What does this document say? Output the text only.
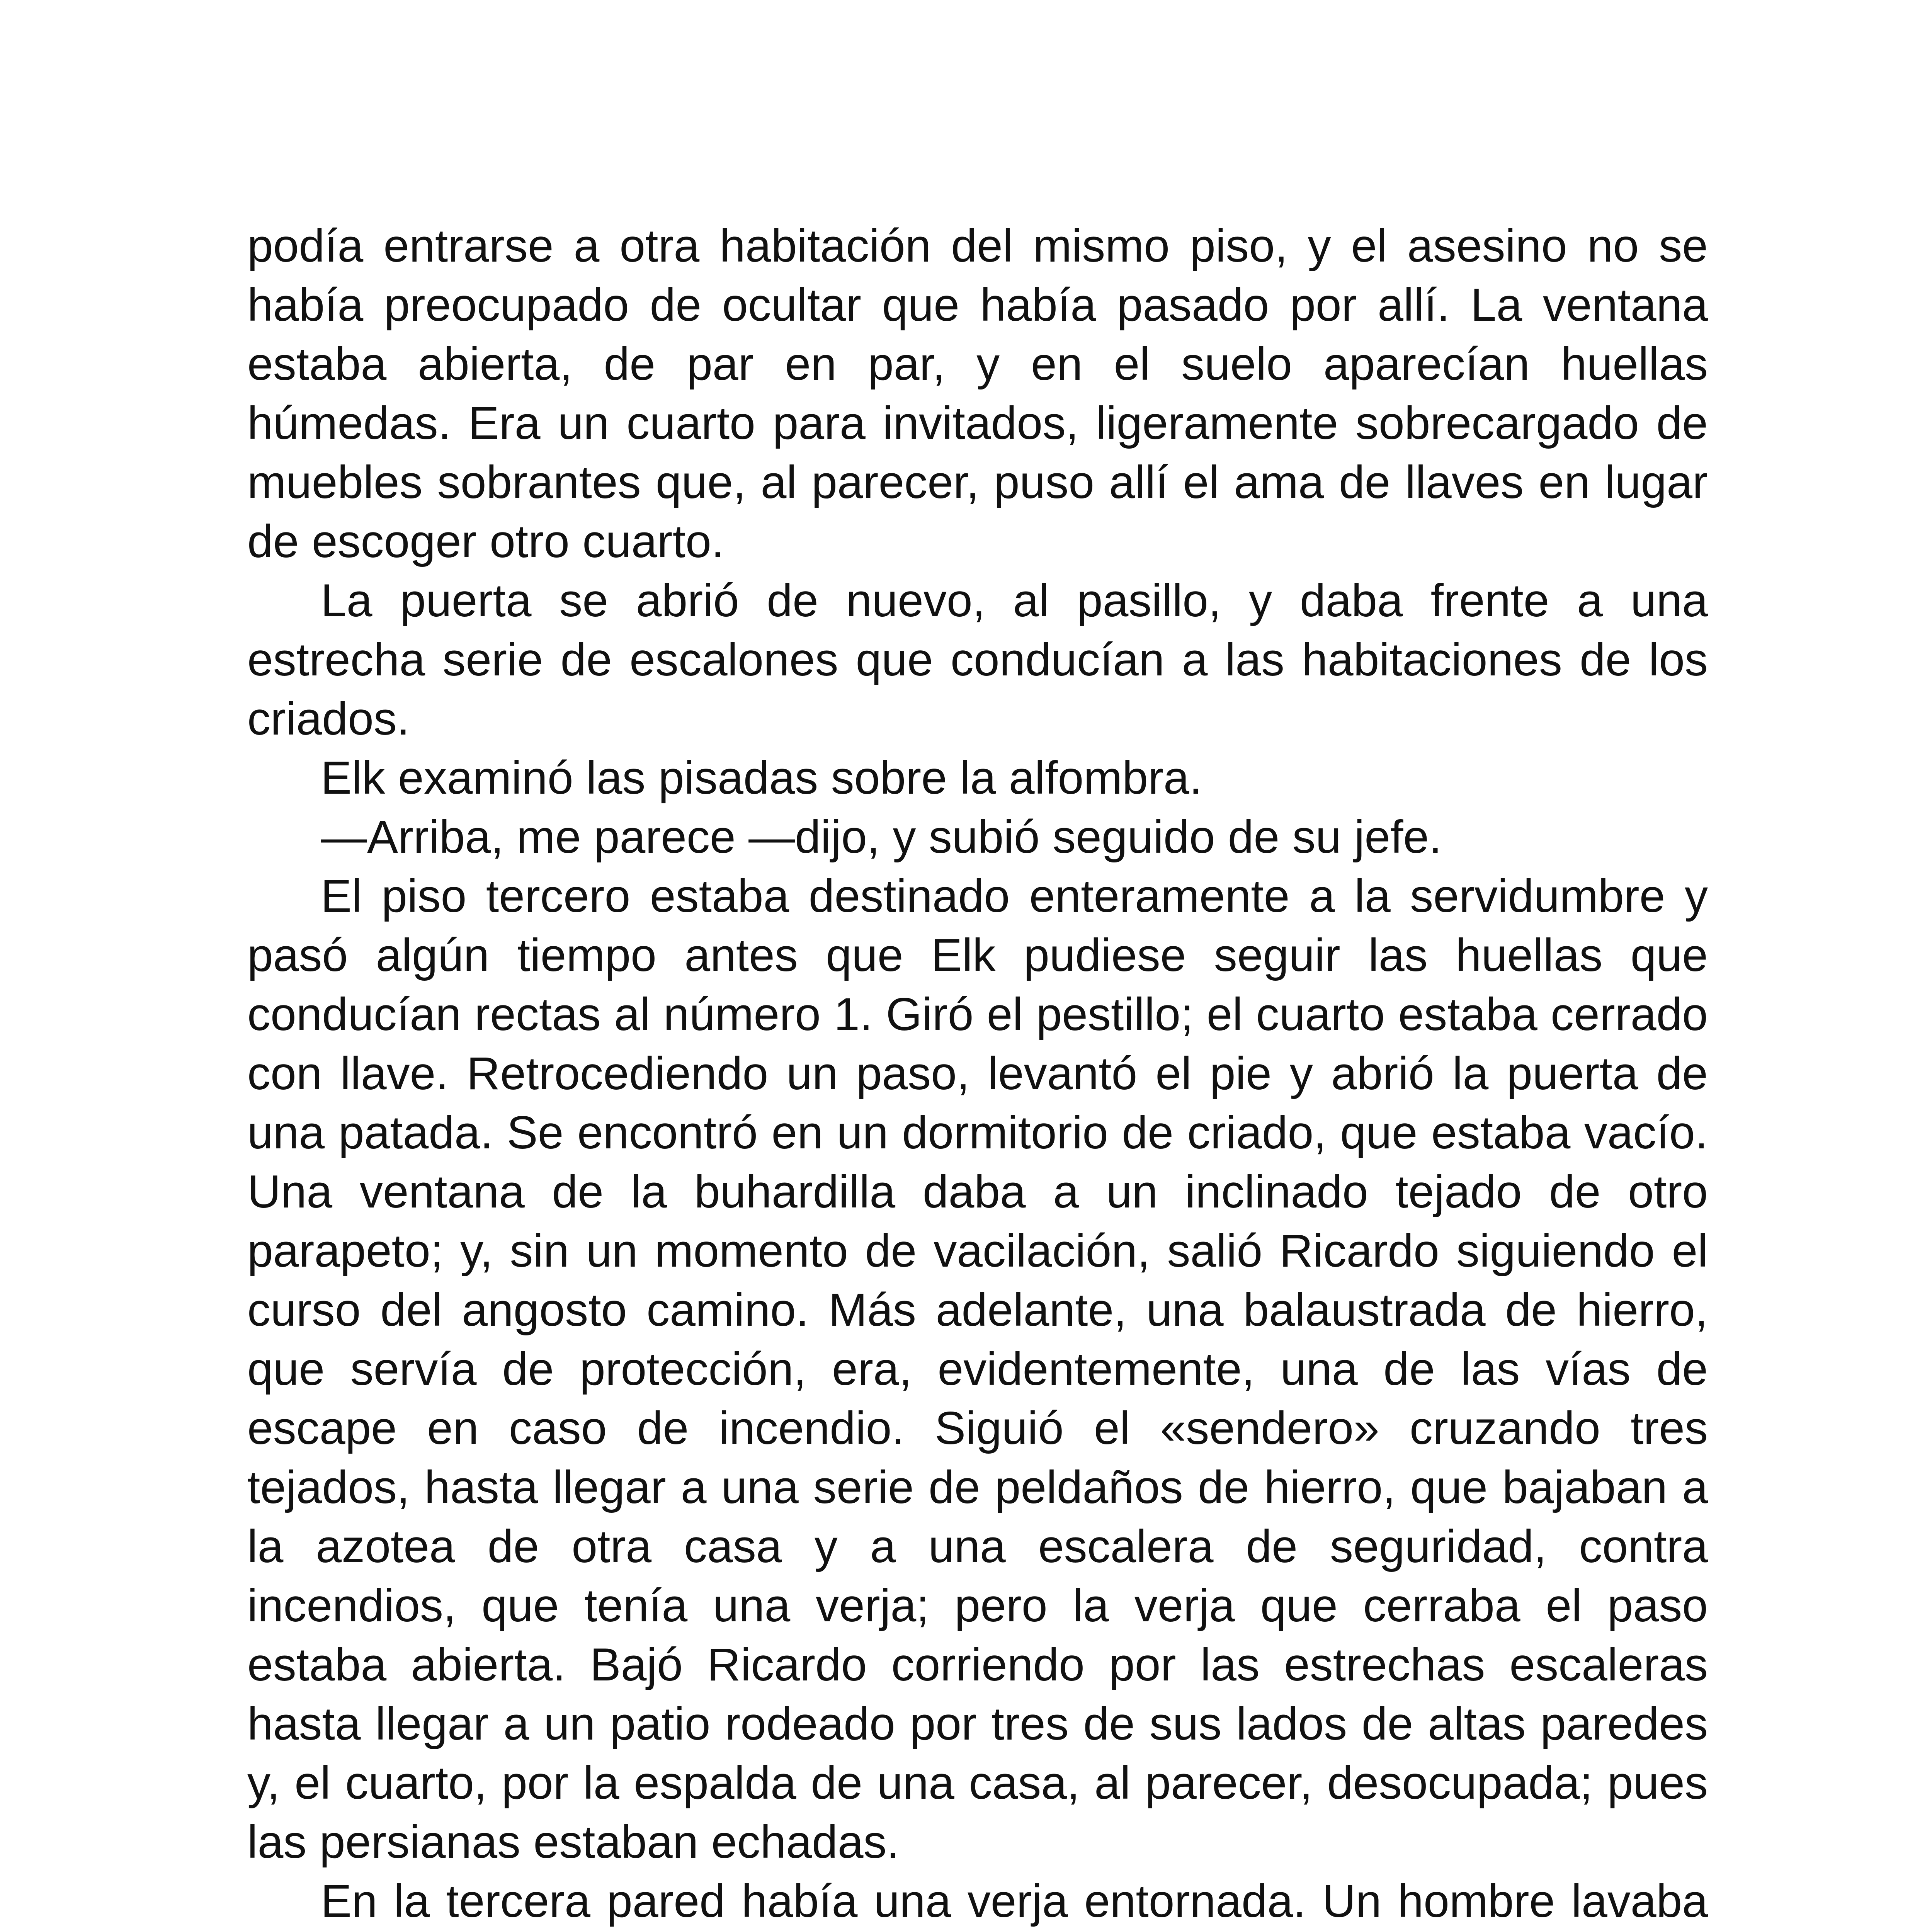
podía entrarse a otra habitación del mismo piso, y el asesino no se había preocupado de ocultar que había pasado por allí. La ventana estaba abierta, de par en par, y en el suelo aparecían huellas húmedas. Era un cuarto para invitados, ligeramente sobrecargado de muebles sobrantes que, al parecer, puso allí el ama de llaves en lugar de escoger otro cuarto.

La puerta se abrió de nuevo, al pasillo, y daba frente a una estrecha serie de escalones que conducían a las habitaciones de los criados.

Elk examinó las pisadas sobre la alfombra.

—Arriba, me parece —dijo, y subió seguido de su jefe.

El piso tercero estaba destinado enteramente a la servidumbre y pasó algún tiempo antes que Elk pudiese seguir las huellas que conducían rectas al número 1. Giró el pestillo; el cuarto estaba cerrado con llave. Retrocediendo un paso, levantó el pie y abrió la puerta de una patada. Se encontró en un dormitorio de criado, que estaba vacío. Una ventana de la buhardilla daba a un inclinado tejado de otro parapeto; y, sin un momento de vacilación, salió Ricardo siguiendo el curso del angosto camino. Más adelante, una balaustrada de hierro, que servía de protección, era, evidentemente, una de las vías de escape en caso de incendio. Siguió el «sendero» cruzando tres tejados, hasta llegar a una serie de peldaños de hierro, que bajaban a la azotea de otra casa y a una escalera de seguridad, contra incendios, que tenía una verja; pero la verja que cerraba el paso estaba abierta. Bajó Ricardo corriendo por las estrechas escaleras hasta llegar a un patio rodeado por tres de sus lados de altas paredes y, el cuarto, por la espalda de una casa, al parecer, desocupada; pues las persianas estaban echadas.

En la tercera pared había una verja entornada. Un hombre lavaba
